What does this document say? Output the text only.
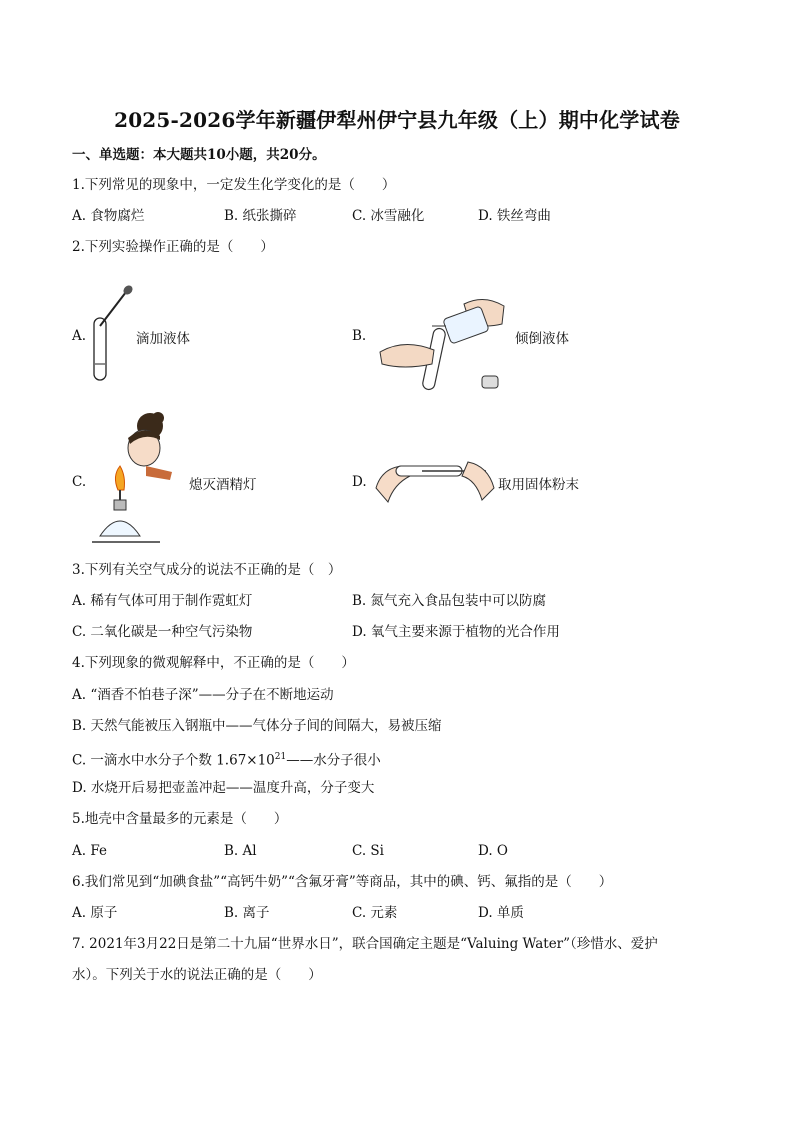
2025-2026学年新疆伊犁州伊宁县九年级（上）期中化学试卷
一、单选题：本大题共10小题，共20分。
1.下列常见的现象中，一定发生化学变化的是（　　）
A. 食物腐烂	B. 纸张撕碎	C. 冰雪融化	D. 铁丝弯曲
2.下列实验操作正确的是（　　）
A.	滴加液体	B.	倾倒液体
C.	熄灭酒精灯	D.	取用固体粉末
3.下列有关空气成分的说法不正确的是（　）
A. 稀有气体可用于制作霓虹灯	B. 氮气充入食品包装中可以防腐
C. 二氧化碳是一种空气污染物	D. 氧气主要来源于植物的光合作用
4.下列现象的微观解释中，不正确的是（　　）
A. “酒香不怕巷子深”——分子在不断地运动
B. 天然气能被压入钢瓶中——气体分子间的间隔大，易被压缩
C. 一滴水中水分子个数 $1.67\times 10^{21}——$水分子很小
D. 水烧开后易把壶盖冲起——温度升高，分子变大
5.地壳中含量最多的元素是（　　）
A. Fe	B. Al	C. Si	D. O
6.我们常见到“加碘食盐”“高钙牛奶”“含氟牙膏”等商品，其中的碘、钙、氟指的是（　　）
A. 原子	B. 离子	C. 元素	D. 单质
7. 2021年3月22日是第二十九届“世界水日”，联合国确定主题是“Valuing Water”（珍惜水、爱护
水）。下列关于水的说法正确的是（　　）
